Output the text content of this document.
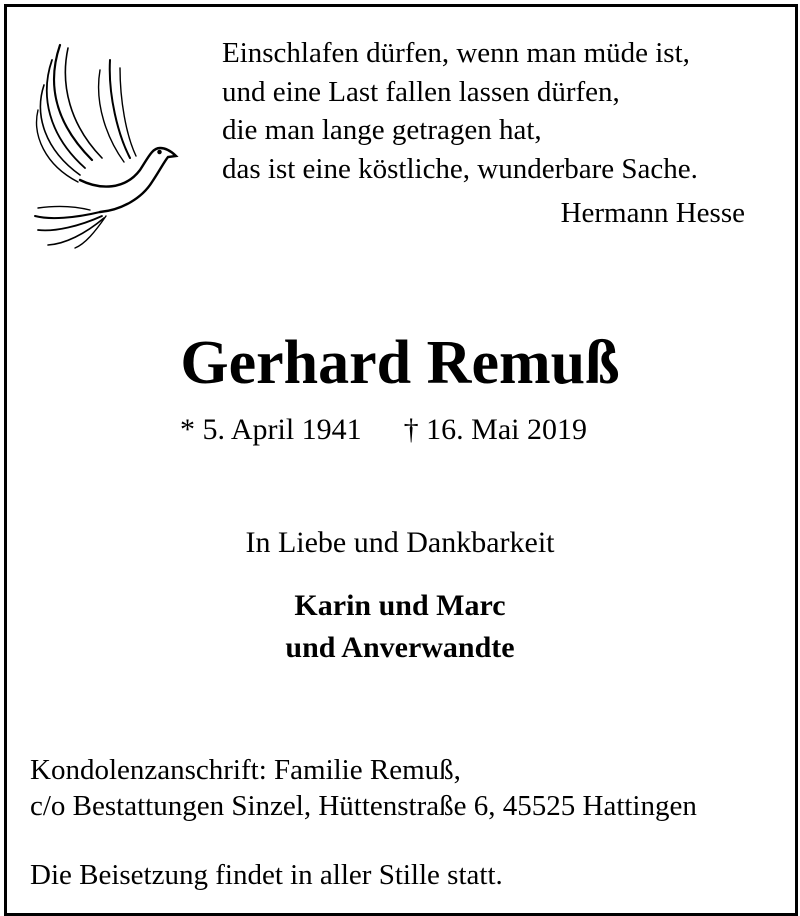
Einschlafen dürfen, wenn man müde ist,
und eine Last fallen lassen dürfen,
die man lange getragen hat,
das ist eine köstliche, wunderbare Sache.
Hermann Hesse
Gerhard Remuß
* 5. April 1941 † 16. Mai 2019
In Liebe und Dankbarkeit
Karin und Marc
und Anverwandte
Kondolenzanschrift: Familie Remuß,
c/o Bestattungen Sinzel, Hüttenstraße 6, 45525 Hattingen
Die Beisetzung findet in aller Stille statt.
